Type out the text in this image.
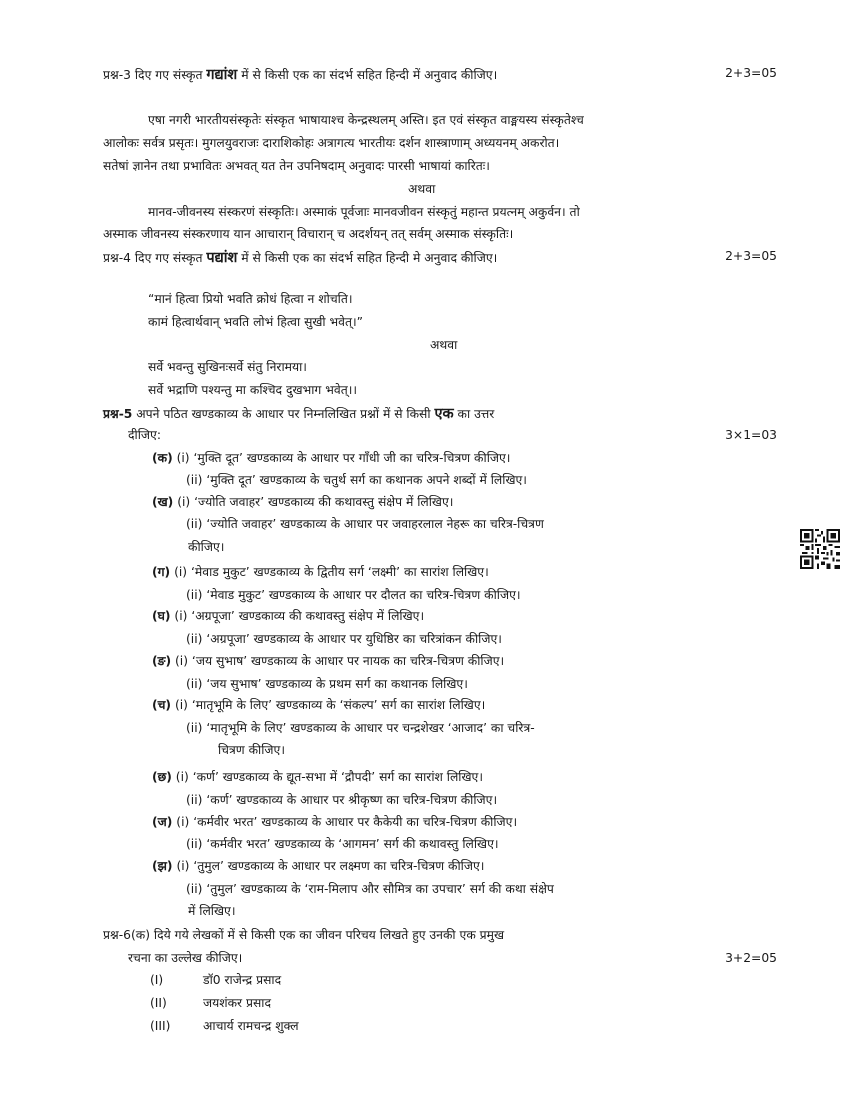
प्रश्न-3 दिए गए संस्कृत गद्यांश में से किसी एक का संदर्भ सहित हिन्दी में अनुवाद कीजिए।	2+3=05
एषा नगरी भारतीयसंस्कृतेः संस्कृत भाषायाश्च केन्द्रस्थलम् अस्ति। इत एवं संस्कृत वाङ्मयस्य संस्कृतेश्च
आलोकः सर्वत्र प्रसृतः। मुगलयुवराजः दाराशिकोहः अत्रागत्य भारतीयः दर्शन शास्त्राणाम् अध्ययनम् अकरोत।
सतेषां ज्ञानेन तथा प्रभावितः अभवत् यत तेन उपनिषदाम् अनुवादः पारसी भाषायां कारितः।
अथवा
मानव-जीवनस्य संस्करणं संस्कृतिः। अस्माकं पूर्वजाः मानवजीवन संस्कृतुं महान्त प्रयत्नम् अकुर्वन। तो
अस्माक जीवनस्य संस्करणाय यान आचारान् विचारान् च अदर्शयन् तत् सर्वम् अस्माक संस्कृतिः।
प्रश्न-4 दिए गए संस्कृत पद्यांश में से किसी एक का संदर्भ सहित हिन्दी मे अनुवाद कीजिए।	2+3=05
“मानं हित्वा प्रियो भवति क्रोधं हित्वा न शोचति।
कामं हित्वार्थवान् भवति लोभं हित्वा सुखी भवेत्।”
अथवा
सर्वे भवन्तु सुखिनःसर्वे संतु निरामया।
सर्वे भद्राणि पश्यन्तु मा कश्चिद दुखभाग भवेत्।।
प्रश्न-5 अपने पठित खण्डकाव्य के आधार पर निम्नलिखित प्रश्नों में से किसी एक का उत्तर
दीजिए:	3×1=03
(क) (i) ‘मुक्ति दूत’ खण्डकाव्य के आधार पर गाँधी जी का चरित्र-चित्रण कीजिए।
(ii) ‘मुक्ति दूत’ खण्डकाव्य के चतुर्थ सर्ग का कथानक अपने शब्दों में लिखिए।
(ख) (i) ‘ज्योति जवाहर’ खण्डकाव्य की कथावस्तु संक्षेप में लिखिए।
(ii) ‘ज्योति जवाहर’ खण्डकाव्य के आधार पर जवाहरलाल नेहरू का चरित्र-चित्रण
कीजिए।
(ग) (i) ‘मेवाड मुकुट’ खण्डकाव्य के द्वितीय सर्ग ‘लक्ष्मी’ का सारांश लिखिए।
(ii) ‘मेवाड मुकुट’ खण्डकाव्य के आधार पर दौलत का चरित्र-चित्रण कीजिए।
(घ) (i) ‘अग्रपूजा’ खण्डकाव्य की कथावस्तु संक्षेप में लिखिए।
(ii) ‘अग्रपूजा’ खण्डकाव्य के आधार पर युधिष्ठिर का चरित्रांकन कीजिए।
(ङ) (i) ‘जय सुभाष’ खण्डकाव्य के आधार पर नायक का चरित्र-चित्रण कीजिए।
(ii) ‘जय सुभाष’ खण्डकाव्य के प्रथम सर्ग का कथानक लिखिए।
(च) (i) ‘मातृभूमि के लिए’ खण्डकाव्य के ‘संकल्प’ सर्ग का सारांश लिखिए।
(ii) ‘मातृभूमि के लिए’ खण्डकाव्य के आधार पर चन्द्रशेखर ‘आजाद’ का चरित्र-
चित्रण कीजिए।
(छ) (i) ‘कर्ण’ खण्डकाव्य के द्यूत-सभा में ‘द्रौपदी’ सर्ग का सारांश लिखिए।
(ii) ‘कर्ण’ खण्डकाव्य के आधार पर श्रीकृष्ण का चरित्र-चित्रण कीजिए।
(ज) (i) ‘कर्मवीर भरत’ खण्डकाव्य के आधार पर कैकेयी का चरित्र-चित्रण कीजिए।
(ii) ‘कर्मवीर भरत’ खण्डकाव्य के ‘आगमन’ सर्ग की कथावस्तु लिखिए।
(झ) (i) ‘तुमुल’ खण्डकाव्य के आधार पर लक्ष्मण का चरित्र-चित्रण कीजिए।
(ii) ‘तुमुल’ खण्डकाव्य के ‘राम-मिलाप और सौमित्र का उपचार’ सर्ग की कथा संक्षेप
में लिखिए।
प्रश्न-6(क) दिये गये लेखकों में से किसी एक का जीवन परिचय लिखते हुए उनकी एक प्रमुख
रचना का उल्लेख कीजिए।	3+2=05
(I)	डॉ0 राजेन्द्र प्रसाद
(II)	जयशंकर प्रसाद
(III)	आचार्य रामचन्द्र शुक्ल
